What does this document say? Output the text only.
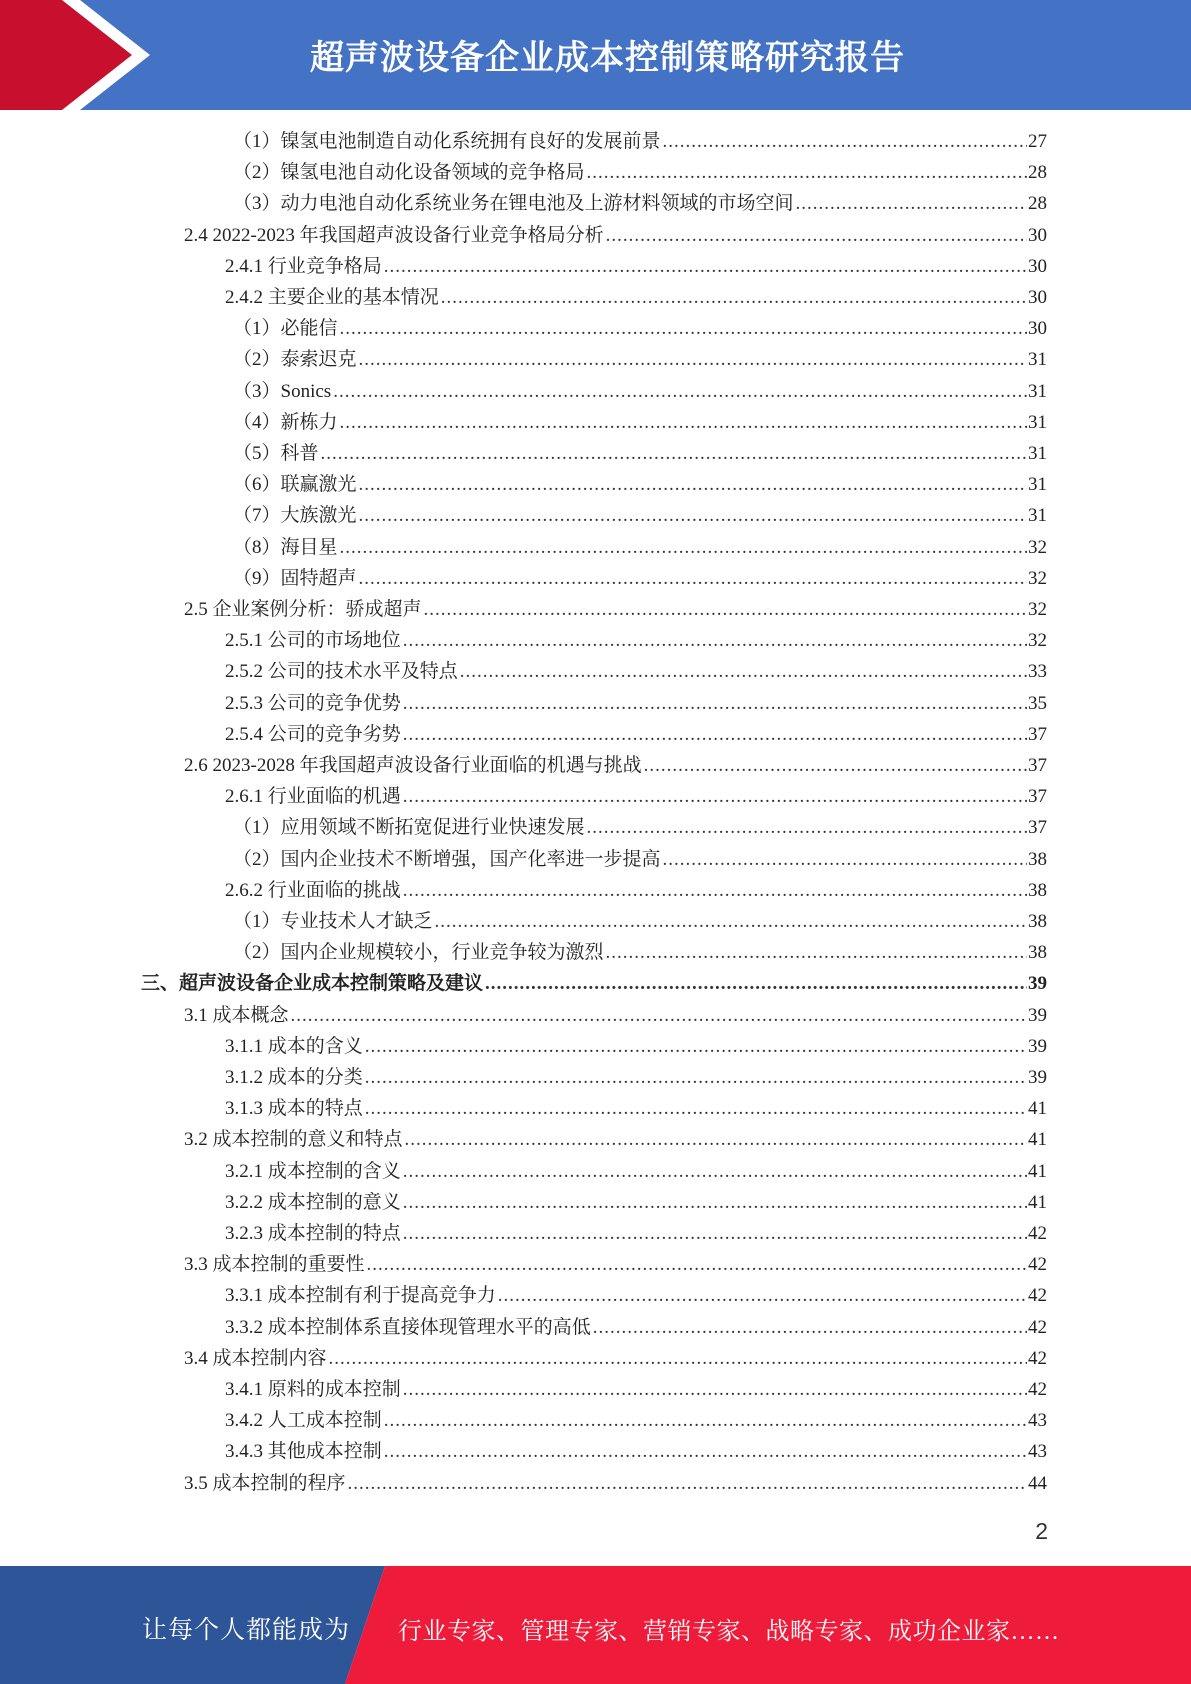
超声波设备企业成本控制策略研究报告
（1）镍氢电池制造自动化系统拥有良好的发展前景 .....	27
（2）镍氢电池自动化设备领域的竞争格局 .....	28
（3）动力电池自动化系统业务在锂电池及上游材料领域的市场空间 .....	28
2.4 2022-2023 年我国超声波设备行业竞争格局分析 .....	30
2.4.1 行业竞争格局 .....	30
2.4.2 主要企业的基本情况 .....	30
（1）必能信 .....	30
（2）泰索迟克 .....	31
（3）Sonics .....	31
（4）新栋力 .....	31
（5）科普 .....	31
（6）联赢激光 .....	31
（7）大族激光 .....	31
（8）海目星 .....	32
（9）固特超声 .....	32
2.5 企业案例分析：骄成超声 .....	32
2.5.1 公司的市场地位 .....	32
2.5.2 公司的技术水平及特点 .....	33
2.5.3 公司的竞争优势 .....	35
2.5.4 公司的竞争劣势 .....	37
2.6 2023-2028 年我国超声波设备行业面临的机遇与挑战 .....	37
2.6.1 行业面临的机遇 .....	37
（1）应用领域不断拓宽促进行业快速发展 .....	37
（2）国内企业技术不断增强，国产化率进一步提高 .....	38
2.6.2 行业面临的挑战 .....	38
（1）专业技术人才缺乏 .....	38
（2）国内企业规模较小，行业竞争较为激烈 .....	38
三、超声波设备企业成本控制策略及建议 .....	39
3.1 成本概念 .....	39
3.1.1 成本的含义 .....	39
3.1.2 成本的分类 .....	39
3.1.3 成本的特点 .....	41
3.2 成本控制的意义和特点 .....	41
3.2.1 成本控制的含义 .....	41
3.2.2 成本控制的意义 .....	41
3.2.3 成本控制的特点 .....	42
3.3 成本控制的重要性 .....	42
3.3.1 成本控制有利于提高竞争力 .....	42
3.3.2 成本控制体系直接体现管理水平的高低 .....	42
3.4 成本控制内容 .....	42
3.4.1 原料的成本控制 .....	42
3.4.2 人工成本控制 .....	43
3.4.3 其他成本控制 .....	43
3.5 成本控制的程序 .....	44
2
让每个人都能成为 行业专家、管理专家、营销专家、战略专家、成功企业家……
